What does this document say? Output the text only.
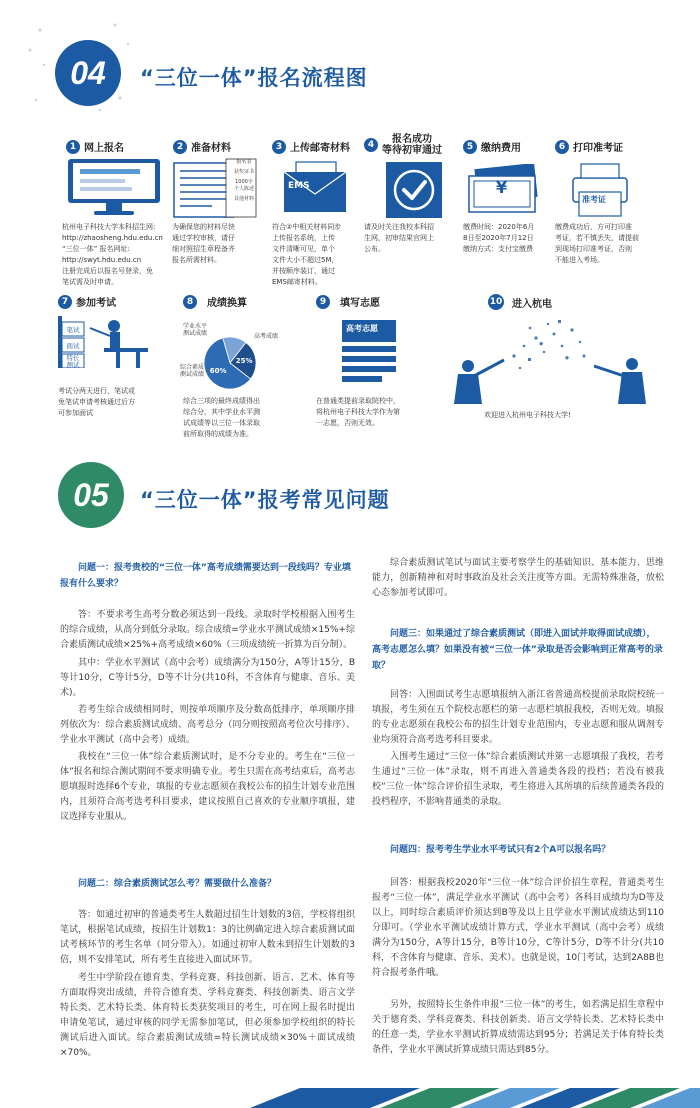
04	“三位一体”报名流程图
1 网上报名
杭州电子科技大学本科招生网:
http://zhaosheng.hdu.edu.cn
“三位一体” 报名网址:
http://swyt.hdu.edu.cn
注册完成后以报名号登录，免
笔试需及时申请。
2 准备材料
报名表
获奖证书
1000字
个人陈述
其他材料
为确保您的材料尽快
通过学校审核，请仔
细对照招生章程备齐
报名所需材料。
3 上传邮寄材料
EMS
符合②中相关材料同步
上传报名系统，上传
文件清晰可见，单个
文件大小不超过5M，
并按顺序装订，通过
EMS邮寄材料。
4	报名成功
等待初审通过
请及时关注我校本科招
生网，初审结果官网上
公布。
5 缴纳费用
¥
缴费时间：2020年6月
8日至2020年7月12日
缴纳方式：支付宝缴费
6 打印准考证
准考证
缴费成功后，方可打印准
考证，若不慎丢失，请提前
到现场打印准考证，否则
不能进入考场。
7 参加考试
笔试
面试
特长
测试
考试分两天进行，笔试或
免笔试申请考核通过后方
可参加面试
8	成绩换算
25%
60%
学业水平
测试成绩	高考成绩
综合素质
测试成绩
综合三项的最终成绩得出
综合分，其中学业水平测
试成绩等以三位一体录取
前所取得的成绩为准。
9	填写志愿
高考志愿
在普通类提前录取院校中，
将杭州电子科技大学作为第
一志愿，否则无效。
10 进入杭电
欢迎进入杭州电子科技大学!
05	“三位一体”报考常见问题
问题一：报考贵校的“三位一体”高考成绩需要达到一段线吗？专业填报有什么要求？
答：不要求考生高考分数必须达到一段线。录取时学校根据入围考生的综合成绩，从高分到低分录取。综合成绩=学业水平测试成绩×15%+综合素质测试成绩×25%+高考成绩×60%（三项成绩统一折算为百分制）。
其中：学业水平测试（高中会考）成绩满分为150分，A等计15分，B等计10分，C等计5分，D等不计分(共10科，不含体育与健康、音乐、美术)。
若考生综合成绩相同时，则按单项顺序及分数高低排序，单项顺序排列依次为：综合素质测试成绩、高考总分（同分则按照高考位次号排序）、学业水平测试（高中会考）成绩。
我校在“三位一体”综合素质测试时，是不分专业的。考生在“三位一体”报名和综合测试期间不要求明确专业。考生只需在高考结束后，高考志愿填报时选择6个专业，填报的专业志愿须在我校公布的招生计划专业范围内，且须符合高考选考科目要求，建议按照自己喜欢的专业顺序填报，建议选择专业服从。
问题二：综合素质测试怎么考？需要做什么准备？
答：如通过初审的普通类考生人数超过招生计划数的3倍，学校将组织笔试，根据笔试成绩，按招生计划数1：3的比例确定进入综合素质测试面试考核环节的考生名单（同分带入）。如通过初审人数未到招生计划数的3倍，则不安排笔试，所有考生直接进入面试环节。
考生中学阶段在德育类、学科竞赛、科技创新、语言、艺术、体育等方面取得突出成绩，并符合德育类、学科竞赛类、科技创新类、语言文学特长类、艺术特长类、体育特长类获奖项目的考生，可在网上报名时提出申请免笔试，通过审核的同学无需参加笔试，但必须参加学校组织的特长测试后进入面试。综合素质测试成绩=特长测试成绩×30%＋面试成绩×70%。
综合素质测试笔试与面试主要考察学生的基础知识、基本能力、思维能力，创新精神和对时事政治及社会关注度等方面。无需特殊准备，放松心态参加考试即可。
问题三：如果通过了综合素质测试（即进入面试并取得面试成绩），高考志愿怎么填？如果没有被“三位一体”录取是否会影响到正常高考的录取？
回答：入围面试考生志愿填报纳入浙江省普通高校提前录取院校统一填报，考生须在五个院校志愿栏的第一志愿栏填报我校，否则无效。填报的专业志愿须在我校公布的招生计划专业范围内，专业志愿和服从调剂专业均须符合高考选考科目要求。
入围考生通过“三位一体”综合素质测试并第一志愿填报了我校，若考生通过“三位一体”录取，则不再进入普通类各段的投档；若没有被我校“三位一体”综合评价招生录取，考生将进入其所填的后续普通类各段的投档程序，不影响普通类的录取。
问题四：报考考生学业水平考试只有2个A可以报名吗？
回答：根据我校2020年“三位一体”综合评价招生章程，普通类考生报考“三位一体”，满足学业水平测试（高中会考）各科目成绩均为D等及以上，同时综合素质评价须达到B等及以上且学业水平测试成绩达到110分即可。（学业水平测试成绩计算方式，学业水平测试（高中会考）成绩满分为150分，A等计15分，B等计10分，C等计5分，D等不计分(共10科，不含体育与健康、音乐、美术）。也就是说，10门考试，达到2A8B也符合报考条件哦。
另外，按照特长生条件申报“三位一体”的考生，如若满足招生章程中关于德育类、学科竞赛类、科技创新类、语言文学特长类、艺术特长类中的任意一类，学业水平测试折算成绩需达到95分；若满足关于体育特长类条件，学业水平测试折算成绩只需达到85分。
